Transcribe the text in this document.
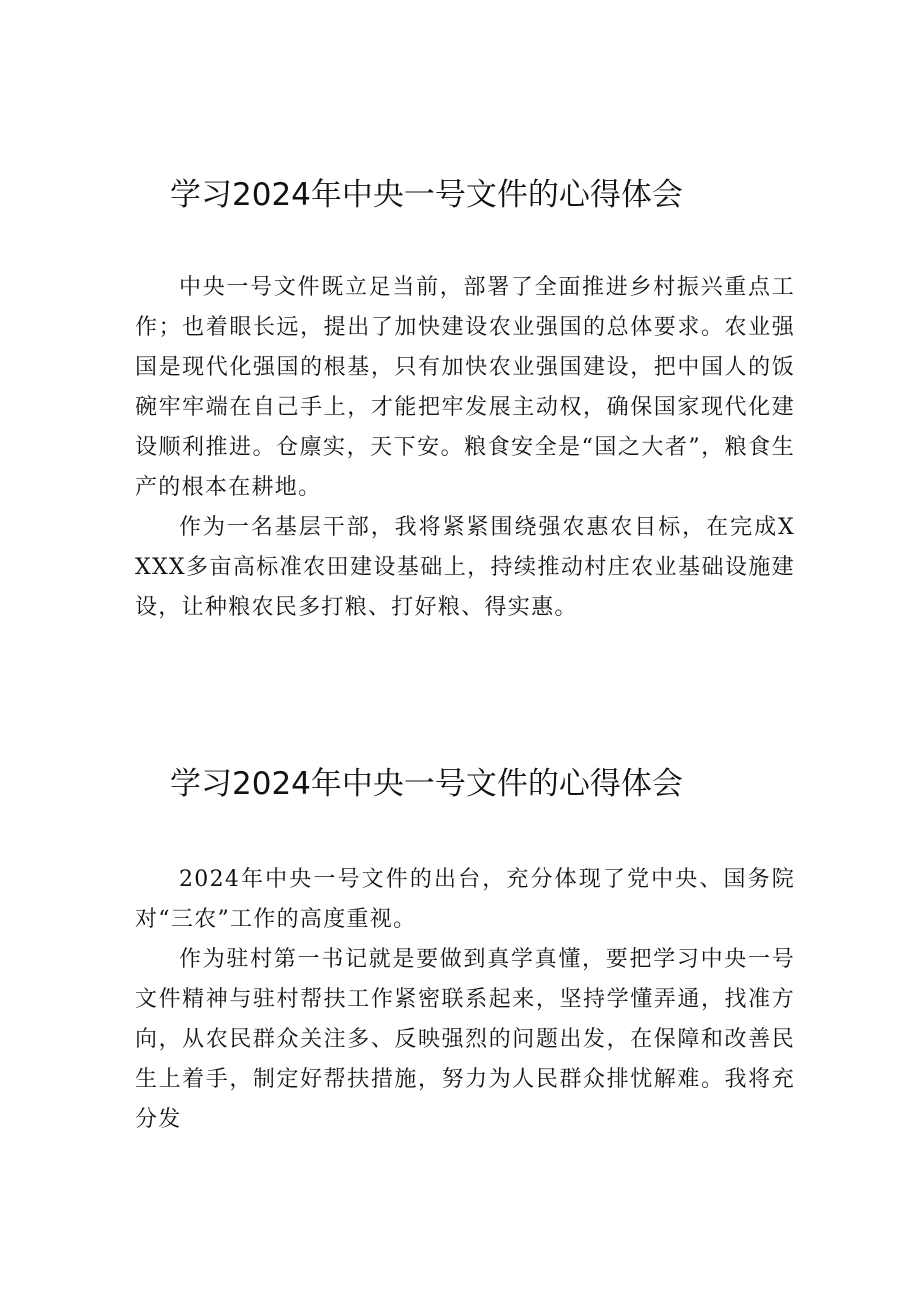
学习2024年中央一号文件的心得体会

中央一号文件既立足当前，部署了全面推进乡村振兴重点工作；也着眼长远，提出了加快建设农业强国的总体要求。农业强国是现代化强国的根基，只有加快农业强国建设，把中国人的饭碗牢牢端在自己手上，才能把牢发展主动权，确保国家现代化建设顺利推进。仓廪实，天下安。粮食安全是“国之大者”，粮食生产的根本在耕地。

作为一名基层干部，我将紧紧围绕强农惠农目标，在完成XXXX多亩高标准农田建设基础上，持续推动村庄农业基础设施建设，让种粮农民多打粮、打好粮、得实惠。

学习2024年中央一号文件的心得体会

2024年中央一号文件的出台，充分体现了党中央、国务院对“三农”工作的高度重视。

作为驻村第一书记就是要做到真学真懂，要把学习中央一号文件精神与驻村帮扶工作紧密联系起来，坚持学懂弄通，找准方向，从农民群众关注多、反映强烈的问题出发，在保障和改善民生上着手，制定好帮扶措施，努力为人民群众排忧解难。我将充分发
